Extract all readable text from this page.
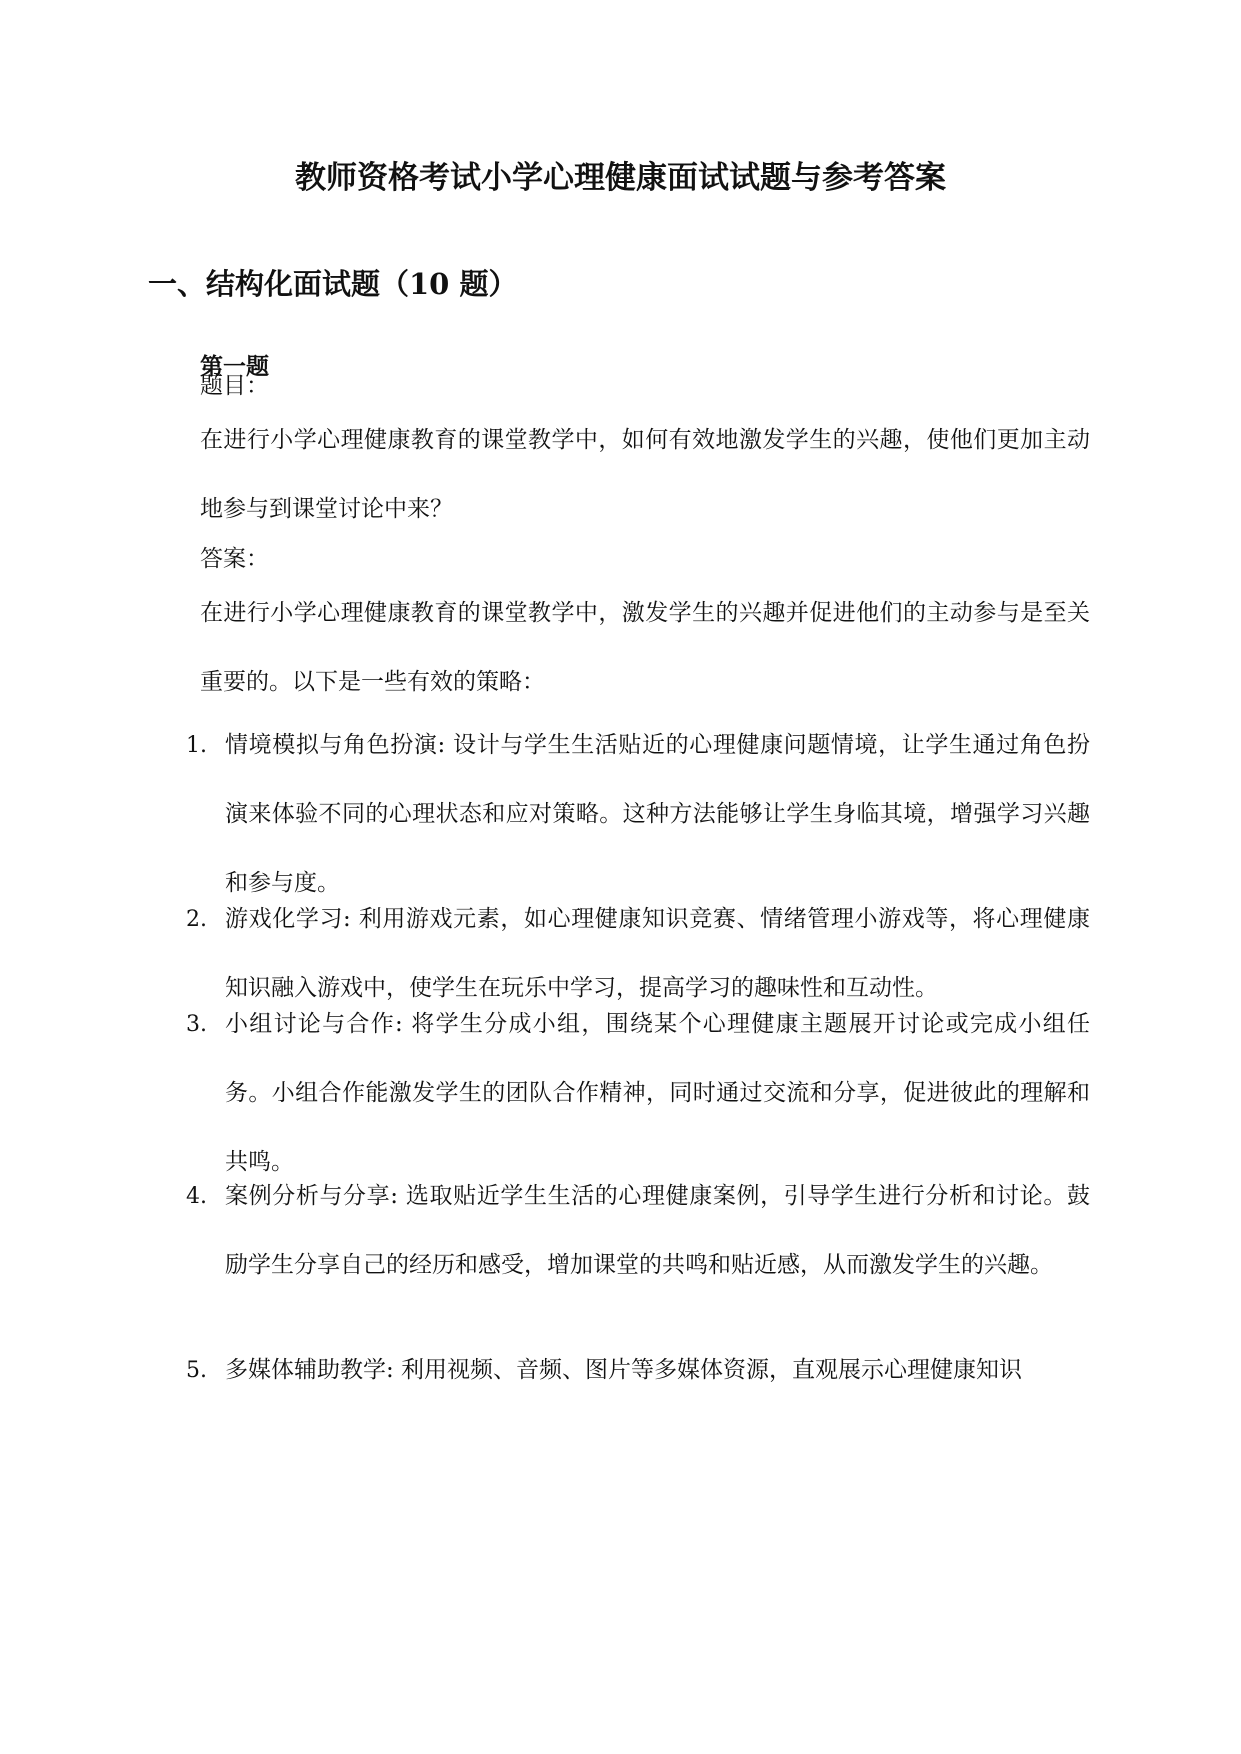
教师资格考试小学心理健康面试试题与参考答案
一、结构化面试题（10 题）
第一题
题目：
在进行小学心理健康教育的课堂教学中，如何有效地激发学生的兴趣，使他们更加主动地参与到课堂讨论中来？
答案：
在进行小学心理健康教育的课堂教学中，激发学生的兴趣并促进他们的主动参与是至关重要的。以下是一些有效的策略：
1. 情境模拟与角色扮演: 设计与学生生活贴近的心理健康问题情境，让学生通过角色扮演来体验不同的心理状态和应对策略。这种方法能够让学生身临其境，增强学习兴趣和参与度。
2. 游戏化学习: 利用游戏元素，如心理健康知识竞赛、情绪管理小游戏等，将心理健康知识融入游戏中，使学生在玩乐中学习，提高学习的趣味性和互动性。
3. 小组讨论与合作: 将学生分成小组，围绕某个心理健康主题展开讨论或完成小组任务。小组合作能激发学生的团队合作精神，同时通过交流和分享，促进彼此的理解和共鸣。
4. 案例分析与分享: 选取贴近学生生活的心理健康案例，引导学生进行分析和讨论。鼓励学生分享自己的经历和感受，增加课堂的共鸣和贴近感，从而激发学生的兴趣。
5. 多媒体辅助教学: 利用视频、音频、图片等多媒体资源，直观展示心理健康知识
